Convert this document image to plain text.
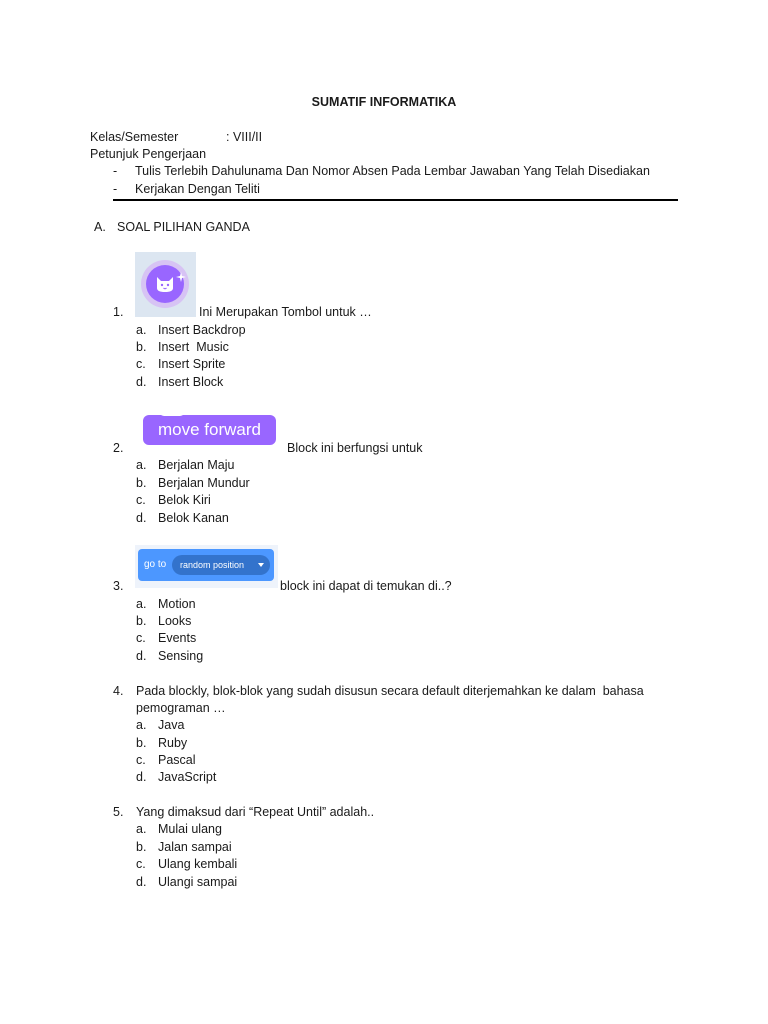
SUMATIF INFORMATIKA
Kelas/Semester	: VIII/II
Petunjuk Pengerjaan
- Tulis Terlebih Dahulunama Dan Nomor Absen Pada Lembar Jawaban Yang Telah Disediakan
- Kerjakan Dengan Teliti
A. SOAL PILIHAN GANDA
1.	Ini Merupakan Tombol untuk …
a. Insert Backdrop
b. Insert  Music
c. Insert Sprite
d. Insert Block
move forward
2.	Block ini berfungsi untuk
a. Berjalan Maju
b. Berjalan Mundur
c. Belok Kiri
d. Belok Kanan
go to	random position
3.	block ini dapat di temukan di..?
a. Motion
b. Looks
c. Events
d. Sensing
4. Pada blockly, blok-blok yang sudah disusun secara default diterjemahkan ke dalam  bahasa
pemograman …
a. Java
b. Ruby
c. Pascal
d. JavaScript
5. Yang dimaksud dari “Repeat Until” adalah..
a. Mulai ulang
b. Jalan sampai
c. Ulang kembali
d. Ulangi sampai
